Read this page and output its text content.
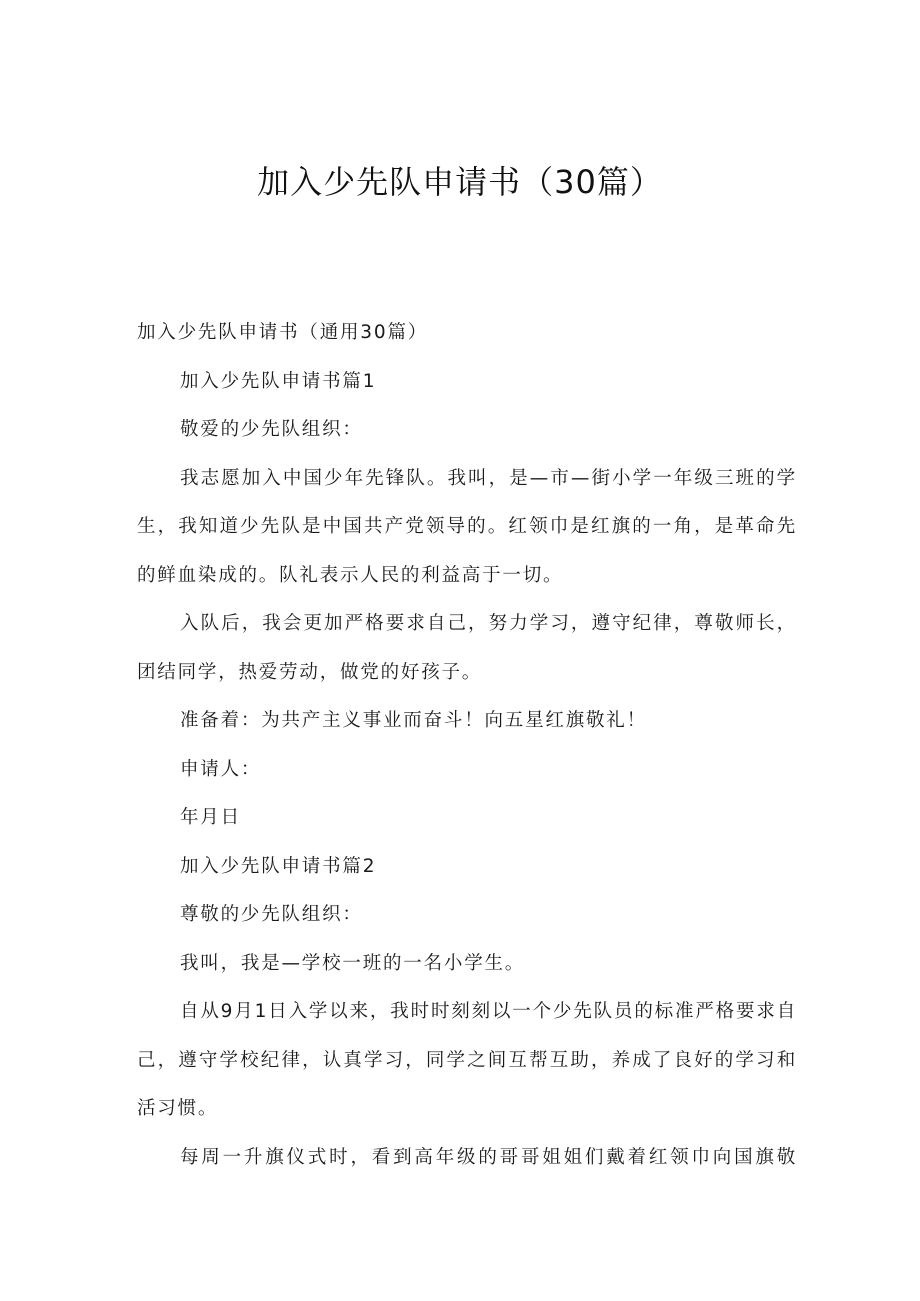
加入少先队申请书（30篇）
加入少先队申请书（通用30篇）
加入少先队申请书篇1
敬爱的少先队组织：
我志愿加入中国少年先锋队。我叫，是—市—街小学一年级三班的学
生，我知道少先队是中国共产党领导的。红领巾是红旗的一角，是革命先
的鲜血染成的。队礼表示人民的利益高于一切。
入队后，我会更加严格要求自己，努力学习，遵守纪律，尊敬师长，
团结同学，热爱劳动，做党的好孩子。
准备着：为共产主义事业而奋斗！向五星红旗敬礼！
申请人：
年月日
加入少先队申请书篇2
尊敬的少先队组织：
我叫，我是—学校一班的一名小学生。
自从9月1日入学以来，我时时刻刻以一个少先队员的标准严格要求自
己，遵守学校纪律，认真学习，同学之间互帮互助，养成了良好的学习和
活习惯。
每周一升旗仪式时，看到高年级的哥哥姐姐们戴着红领巾向国旗敬
